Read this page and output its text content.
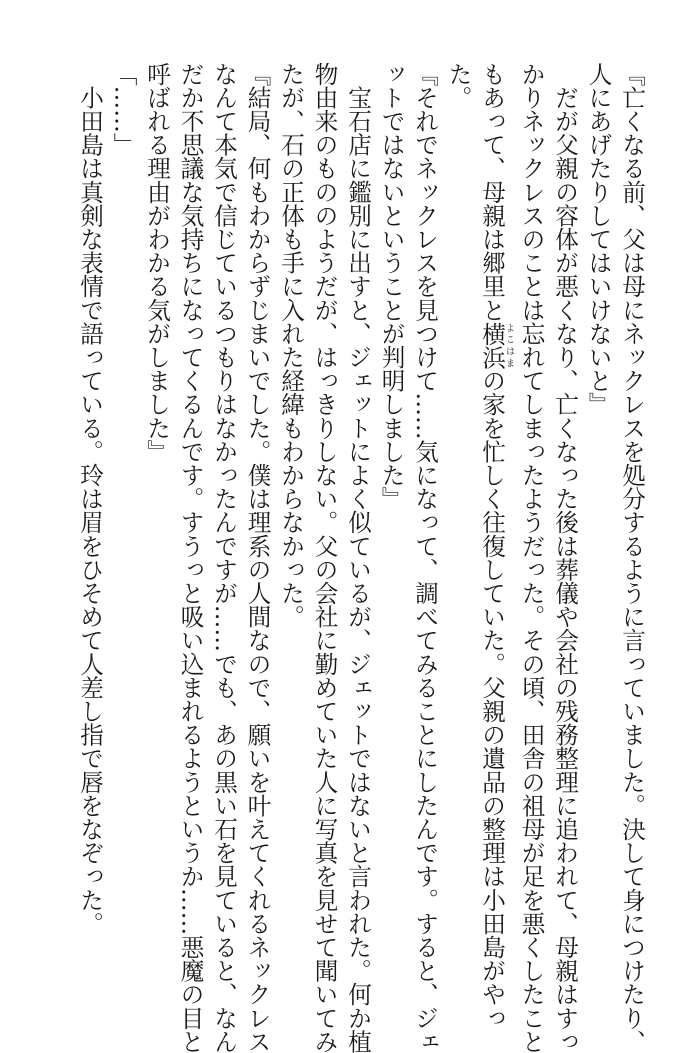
『亡くなる前、父は母にネックレスを処分するように言っていました。決して身につけたり、
人にあげたりしてはいけないと』
　だが父親の容体が悪くなり、亡くなった後は葬儀や会社の残務整理に追われて、母親はすっ
かりネックレスのことは忘れてしまったようだった。その頃、田舎の祖母が足を悪くしたこと
もあって、母親は郷里と横浜よこはまの家を忙しく往復していた。父親の遺品の整理は小田島がやっ
た。
『それでネックレスを見つけて……気になって、調べてみることにしたんです。すると、ジェ
ットではないということが判明しました』
　宝石店に鑑別に出すと、ジェットによく似ているが、ジェットではないと言われた。何か植
物由来のもののようだが、はっきりしない。父の会社に勤めていた人に写真を見せて聞いてみ
たが、石の正体も手に入れた経緯もわからなかった。
『結局、何もわからずじまいでした。僕は理系の人間なので、願いを叶えてくれるネックレス
なんて本気で信じているつもりはなかったんですが……でも、あの黒い石を見ていると、なん
だか不思議な気持ちになってくるんです。すうっと吸い込まれるようというか……悪魔の目と
呼ばれる理由がわかる気がしました』
「……」
　小田島は真剣な表情で語っている。玲は眉をひそめて人差し指で唇をなぞった。
